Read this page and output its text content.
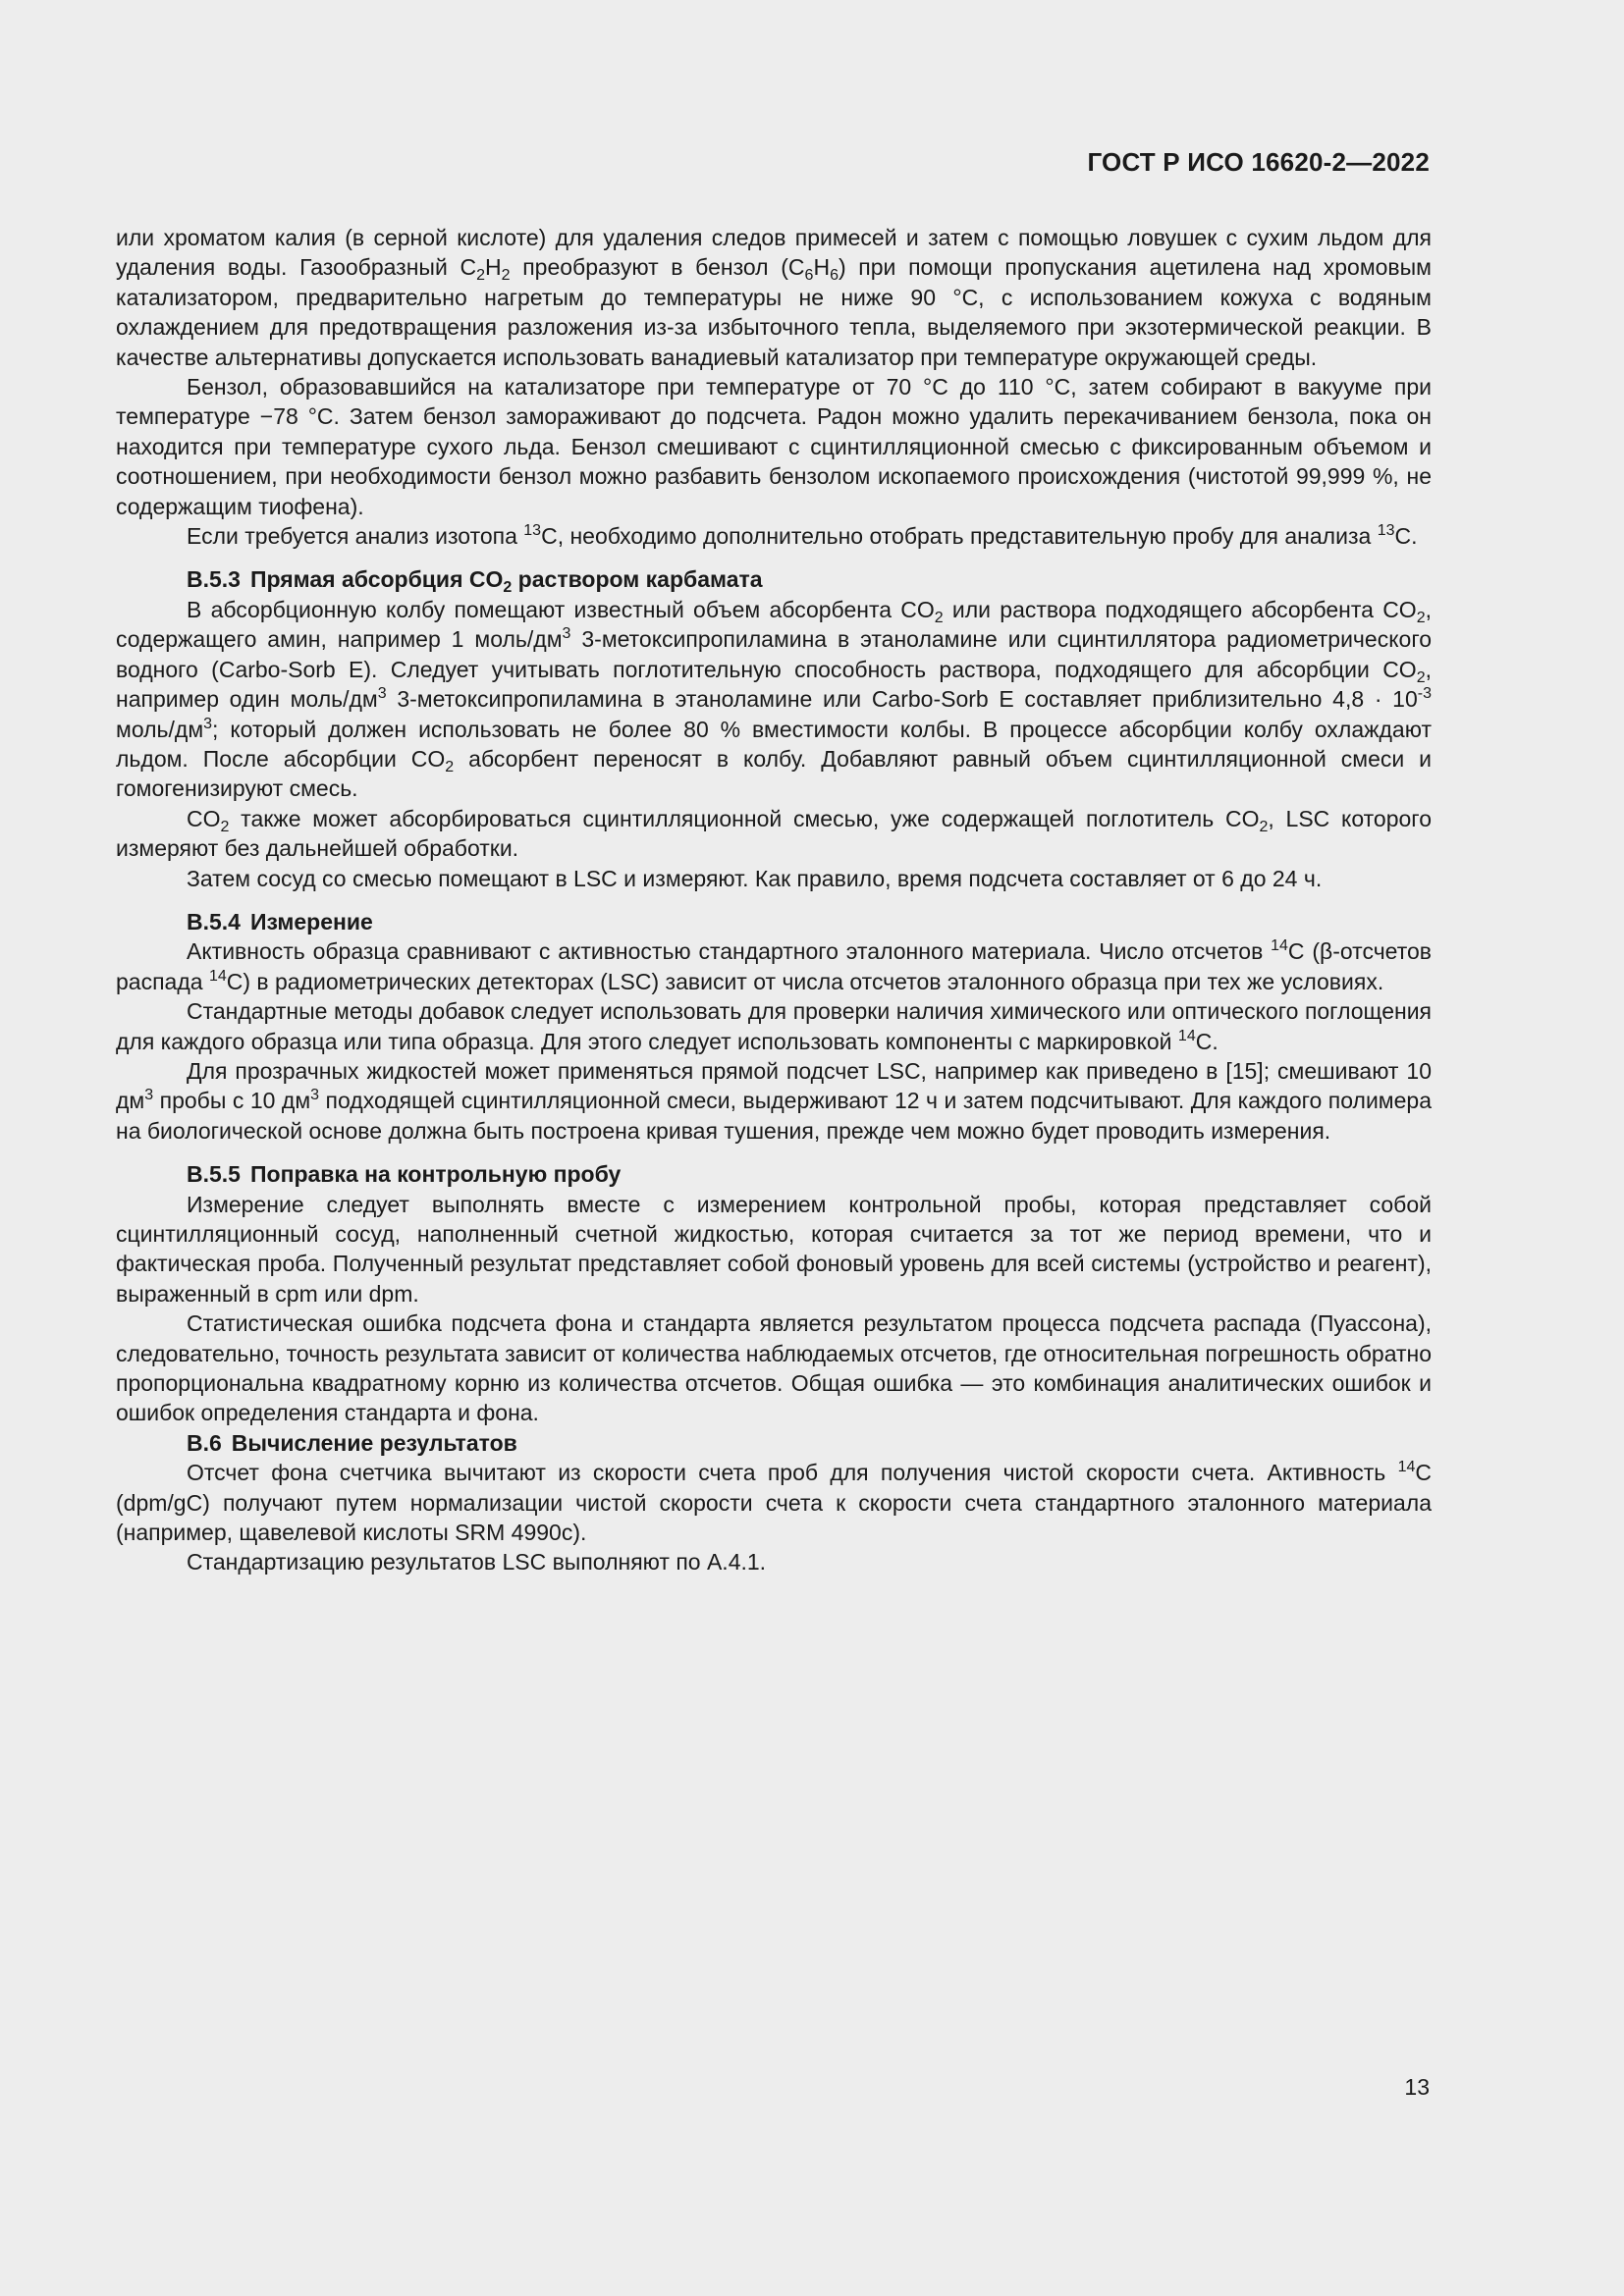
ГОСТ Р ИСО 16620-2—2022

или хроматом калия (в серной кислоте) для удаления следов примесей и затем с помощью ловушек с сухим льдом для удаления воды. Газообразный $C_2H_2$ преобразуют в бензол $(C_6H_6)$ при помощи пропускания ацетилена над хромовым катализатором, предварительно нагретым до температуры не ниже 90 °C, с использованием кожуха с водяным охлаждением для предотвращения разложения из-за избыточного тепла, выделяемого при экзотермической реакции. В качестве альтернативы допускается использовать ванадиевый катализатор при температуре окружающей среды.

Бензол, образовавшийся на катализаторе при температуре от 70 °C до 110 °C, затем собирают в вакууме при температуре −78 °C. Затем бензол замораживают до подсчета. Радон можно удалить перекачиванием бензола, пока он находится при температуре сухого льда. Бензол смешивают с сцинтилляционной смесью с фиксированным объемом и соотношением, при необходимости бензол можно разбавить бензолом ископаемого происхождения (чистотой 99,999 %, не содержащим тиофена).

Если требуется анализ изотопа $^{13}$C, необходимо дополнительно отобрать представительную пробу для анализа $^{13}$C.

B.5.3 Прямая абсорбция $CO_2$ раствором карбамата

В абсорбционную колбу помещают известный объем абсорбента $CO_2$ или раствора подходящего абсорбента $CO_2$, содержащего амин, например 1 моль/$дм^3$ 3-метоксипропиламина в этаноламине или сцинтиллятора радиометрического водного (Carbo-Sorb E). Следует учитывать поглотительную способность раствора, подходящего для абсорбции $CO_2$, например один моль/$дм^3$ 3-метоксипропиламина в этаноламине или Carbo-Sorb E составляет приблизительно $4,8 \cdot 10^{-3}$ моль/$дм^3$; который должен использовать не более 80 % вместимости колбы. В процессе абсорбции колбу охлаждают льдом. После абсорбции $CO_2$ абсорбент переносят в колбу. Добавляют равный объем сцинтилляционной смеси и гомогенизируют смесь.

$CO_2$ также может абсорбироваться сцинтилляционной смесью, уже содержащей поглотитель $CO_2$, LSC которого измеряют без дальнейшей обработки.

Затем сосуд со смесью помещают в LSC и измеряют. Как правило, время подсчета составляет от 6 до 24 ч.

B.5.4 Измерение

Активность образца сравнивают с активностью стандартного эталонного материала. Число отсчетов $^{14}$C (β-отсчетов распада $^{14}$C) в радиометрических детекторах (LSC) зависит от числа отсчетов эталонного образца при тех же условиях.

Стандартные методы добавок следует использовать для проверки наличия химического или оптического поглощения для каждого образца или типа образца. Для этого следует использовать компоненты с маркировкой $^{14}$C.

Для прозрачных жидкостей может применяться прямой подсчет LSC, например как приведено в [15]; смешивают 10 $дм^3$ пробы с 10 $дм^3$ подходящей сцинтилляционной смеси, выдерживают 12 ч и затем подсчитывают. Для каждого полимера на биологической основе должна быть построена кривая тушения, прежде чем можно будет проводить измерения.

B.5.5 Поправка на контрольную пробу

Измерение следует выполнять вместе с измерением контрольной пробы, которая представляет собой сцинтилляционный сосуд, наполненный счетной жидкостью, которая считается за тот же период времени, что и фактическая проба. Полученный результат представляет собой фоновый уровень для всей системы (устройство и реагент), выраженный в cpm или dpm.

Статистическая ошибка подсчета фона и стандарта является результатом процесса подсчета распада (Пуассона), следовательно, точность результата зависит от количества наблюдаемых отсчетов, где относительная погрешность обратно пропорциональна квадратному корню из количества отсчетов. Общая ошибка — это комбинация аналитических ошибок и ошибок определения стандарта и фона.

B.6 Вычисление результатов

Отсчет фона счетчика вычитают из скорости счета проб для получения чистой скорости счета. Активность $^{14}$C (dpm/gC) получают путем нормализации чистой скорости счета к скорости счета стандартного эталонного материала (например, щавелевой кислоты SRM 4990c).

Стандартизацию результатов LSC выполняют по A.4.1.

13
